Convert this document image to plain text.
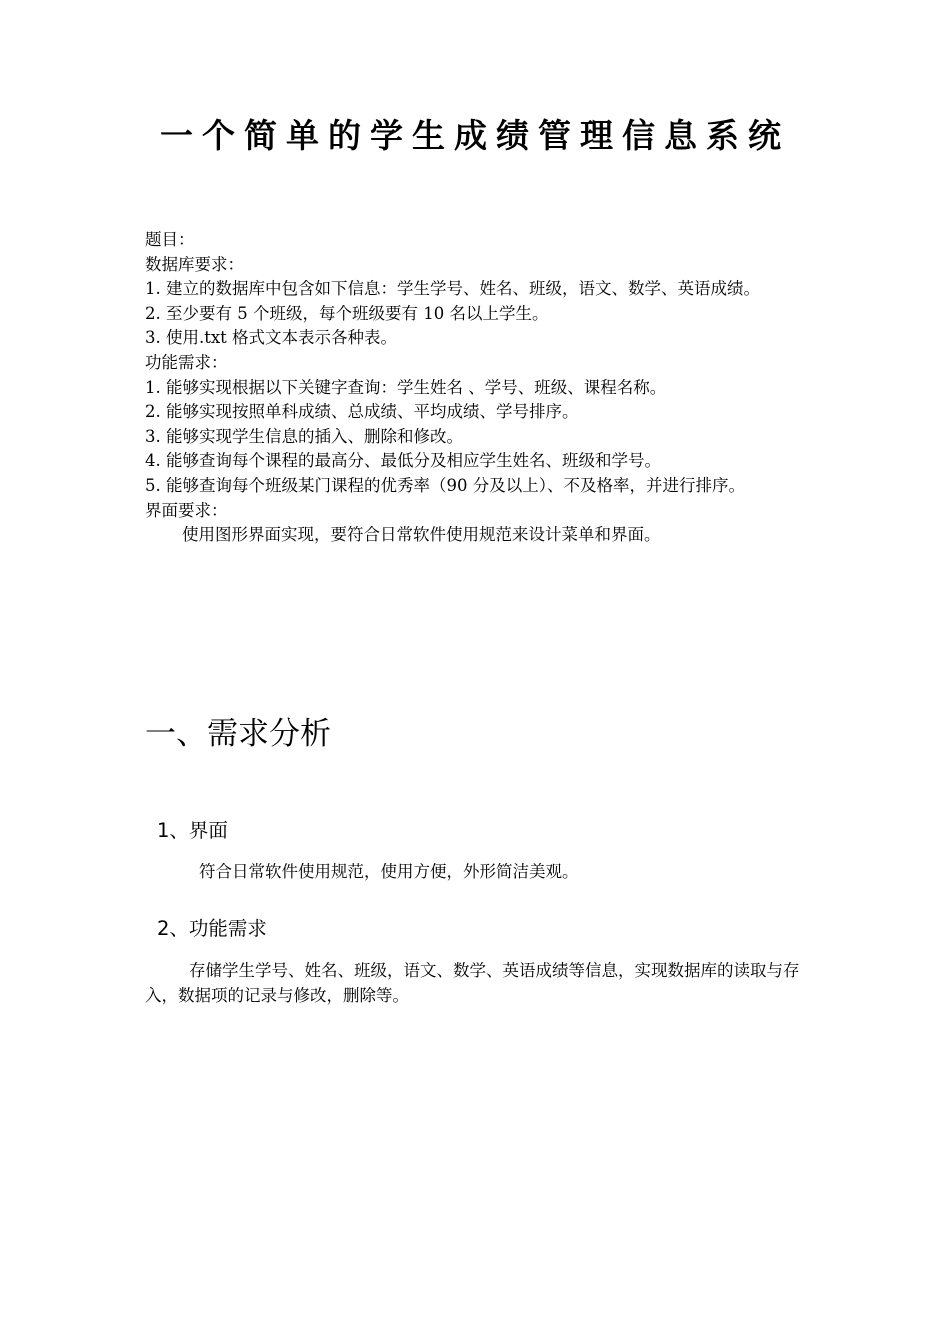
一个简单的学生成绩管理信息系统

题目：

数据库要求：

1. 建立的数据库中包含如下信息：学生学号、姓名、班级，语文、数学、英语成绩。

2. 至少要有 5 个班级，每个班级要有 10 名以上学生。

3. 使用.txt 格式文本表示各种表。

功能需求：

1. 能够实现根据以下关键字查询：学生姓名 、学号、班级、课程名称。

2. 能够实现按照单科成绩、总成绩、平均成绩、学号排序。

3. 能够实现学生信息的插入、删除和修改。

4. 能够查询每个课程的最高分、最低分及相应学生姓名、班级和学号。

5. 能够查询每个班级某门课程的优秀率（90 分及以上）、不及格率，并进行排序。

界面要求：

使用图形界面实现，要符合日常软件使用规范来设计菜单和界面。

一、需求分析
1、界面

符合日常软件使用规范，使用方便，外形简洁美观。

2、功能需求

存储学生学号、姓名、班级，语文、数学、英语成绩等信息，实现数据库的读取与存入，数据项的记录与修改，删除等。
